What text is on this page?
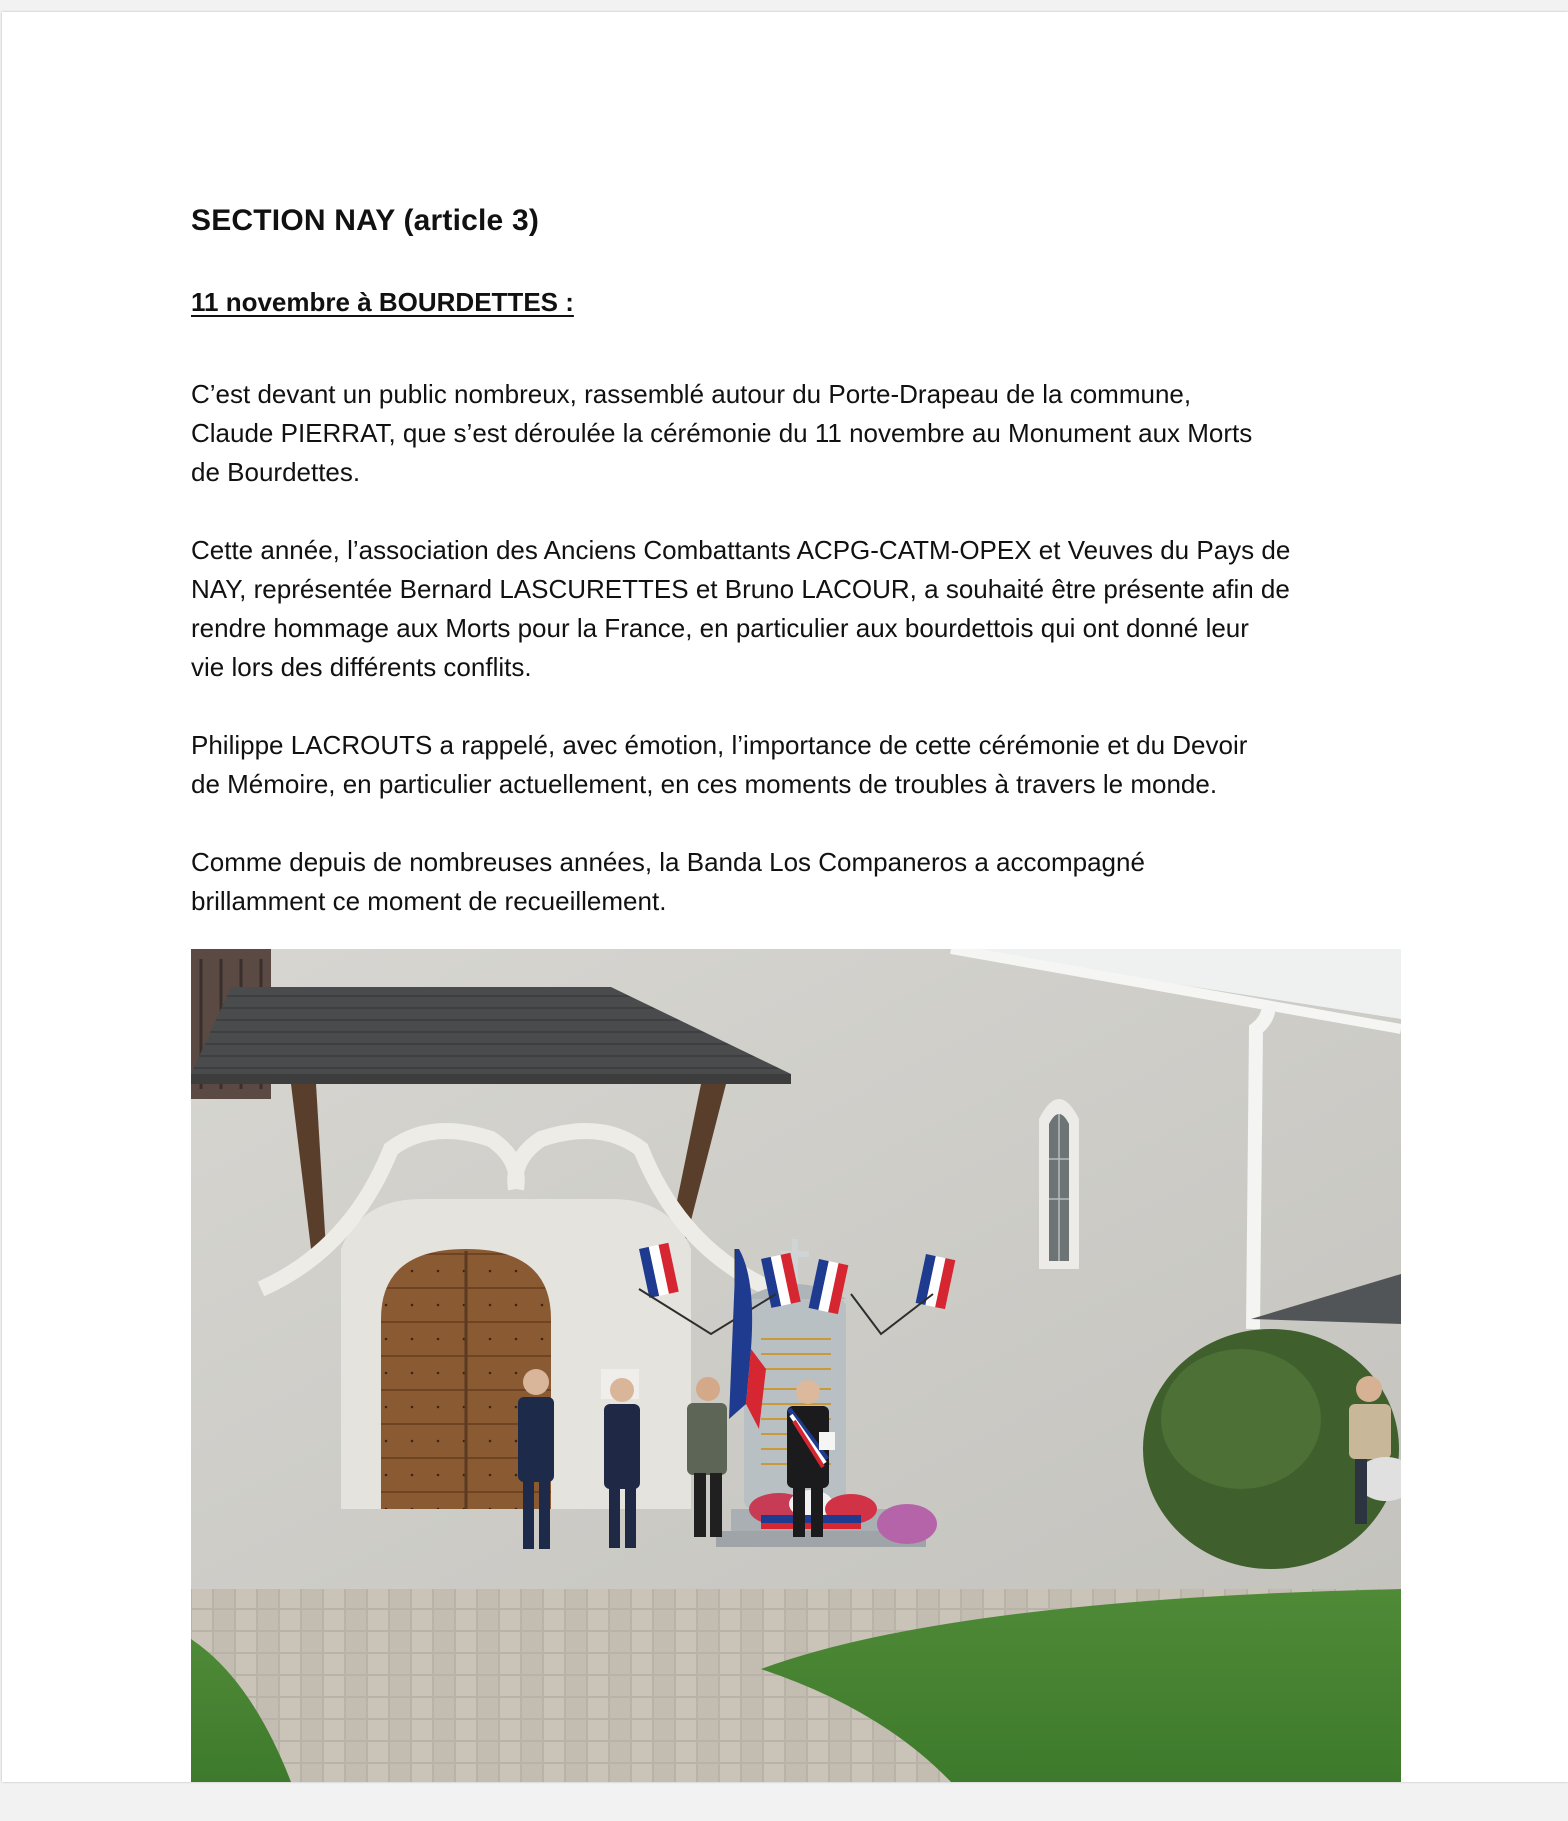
SECTION NAY (article 3)
11 novembre à BOURDETTES :

C’est devant un public nombreux, rassemblé autour du Porte-Drapeau de la commune,
Claude PIERRAT, que s’est déroulée la cérémonie du 11 novembre au Monument aux Morts
de Bourdettes.

Cette année, l’association des Anciens Combattants ACPG-CATM-OPEX et Veuves du Pays de
NAY, représentée Bernard LASCURETTES et Bruno LACOUR, a souhaité être présente afin de
rendre hommage aux Morts pour la France, en particulier aux bourdettois qui ont donné leur
vie lors des différents conflits.

Philippe LACROUTS a rappelé, avec émotion, l’importance de cette cérémonie et du Devoir
de Mémoire, en particulier actuellement, en ces moments de troubles à travers le monde.

Comme depuis de nombreuses années, la Banda Los Companeros a accompagné
brillamment ce moment de recueillement.
